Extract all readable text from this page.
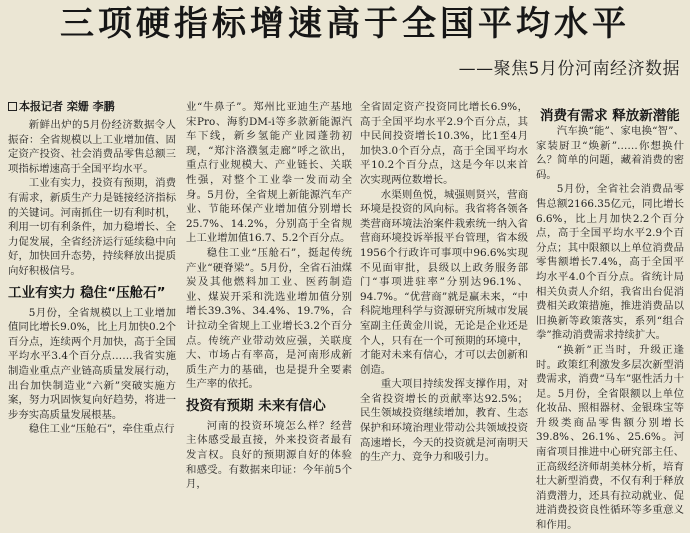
三项硬指标增速高于全国平均水平
——聚焦5月份河南经济数据
本报记者 栾姗 李鹏

新鲜出炉的5月份经济数据令人振奋：全省规模以上工业增加值、固定资产投资、社会消费品零售总额三项指标增速高于全国平均水平。

工业有实力，投资有预期，消费有需求，新质生产力是链接经济指标的关键词。河南抓住一切有利时机，利用一切有利条件，加力稳增长、全力促发展，全省经济运行延续稳中向好，加快回升态势，持续释放出提质向好积极信号。

工业有实力 稳住“压舱石”

5月份，全省规模以上工业增加值同比增长9.0%，比上月加快0.2个百分点，连续两个月加快，高于全国平均水平3.4个百分点……我省实施制造业重点产业链高质量发展行动，出台加快制造业“六新”突破实施方案，努力巩固恢复向好趋势，将进一步夯实高质量发展根基。

稳住工业“压舱石”，牵住重点行

业“牛鼻子”。郑州比亚迪生产基地宋Pro、海豹DM-i等多款新能源汽车下线，新乡氢能产业园蓬勃初现，“郑汴洛濮氢走廊”呼之欲出，重点行业规模大、产业链长、关联性强，对整个工业拳一发而动全身。5月份，全省规上新能源汽车产业、节能环保产业增加值分别增长25.7%、14.2%，分别高于全省规上工业增加值16.7、5.2个百分点。

稳住工业“压舱石”，挺起传统产业“硬脊梁”。5月份，全省石油煤炭及其他燃料加工业、医药制造业、煤炭开采和洗选业增加值分别增长39.3%、34.4%、19.7%，合计拉动全省规上工业增长3.2个百分点。传统产业带动效应强，关联度大、市场占有率高，是河南形成新质生产力的基础，也是提升全要素生产率的依托。

投资有预期 未来有信心

河南的投资环境怎么样？经营主体感受最直接，外来投资者最有发言权。良好的预期源自好的体验和感受。有数据来印证：今年前5个月，

全省固定资产投资同比增长6.9%，高于全国平均水平2.9个百分点，其中民间投资增长10.3%，比1至4月加快3.0个百分点，高于全国平均水平10.2个百分点，这是今年以来首次实现两位数增长。

水渠则鱼悦，城强则贤兴，营商环境是投资的风向标。我省将各领各类营商环境法治案件栽索统一纳入省营商环境投诉举报平台管理，省本级1956个行政许可事项中96.6%实现不见面审批，县级以上政务服务部门“事项进驻率”分别达96.1%、94.7%。“优营商”就是赢未来，“中科院地理科学与资源研究所城市发展室副主任黄金川说，无论是企业还是个人，只有在一个可预期的环境中，才能对未来有信心，才可以去创新和创造。

重大项目持续发挥支撑作用，对全省投资增长的贡献率达92.5%；民生领域投资继续增加，教育、生态保护和环境治理业带动公共领域投资高速增长，今天的投资就是河南明天的生产力、竞争力和吸引力。

消费有需求 释放新潜能

汽车换“能”、家电换“智”、家装厨卫“焕新”……你想换什么？简单的问题，藏着消费的密码。

5月份，全省社会消费品零售总额2166.35亿元，同比增长6.6%，比上月加快2.2个百分点，高于全国平均水平2.9个百分点；其中限额以上单位消费品零售额增长7.4%，高于全国平均水平4.0个百分点。省统计局相关负责人介绍，我省出台促消费相关政策措施，推进消费品以旧换新等政策落实，系列“组合拳”推动消费需求持续扩大。

“换新”正当时，升级正逢时。政策红利激发多层次新型消费需求，消费“马车”驱性活力十足。5月份，全省限额以上单位化妆品、照相器材、金银珠宝等升级类商品零售额分别增长39.8%、26.1%、25.6%。河南省项目推进中心研究部主任、正高级经济师胡美林分析，培育壮大新型消费，不仅有利于释放消费潜力，还具有拉动就业、促进消费投资良性循环等多重意义和作用。
